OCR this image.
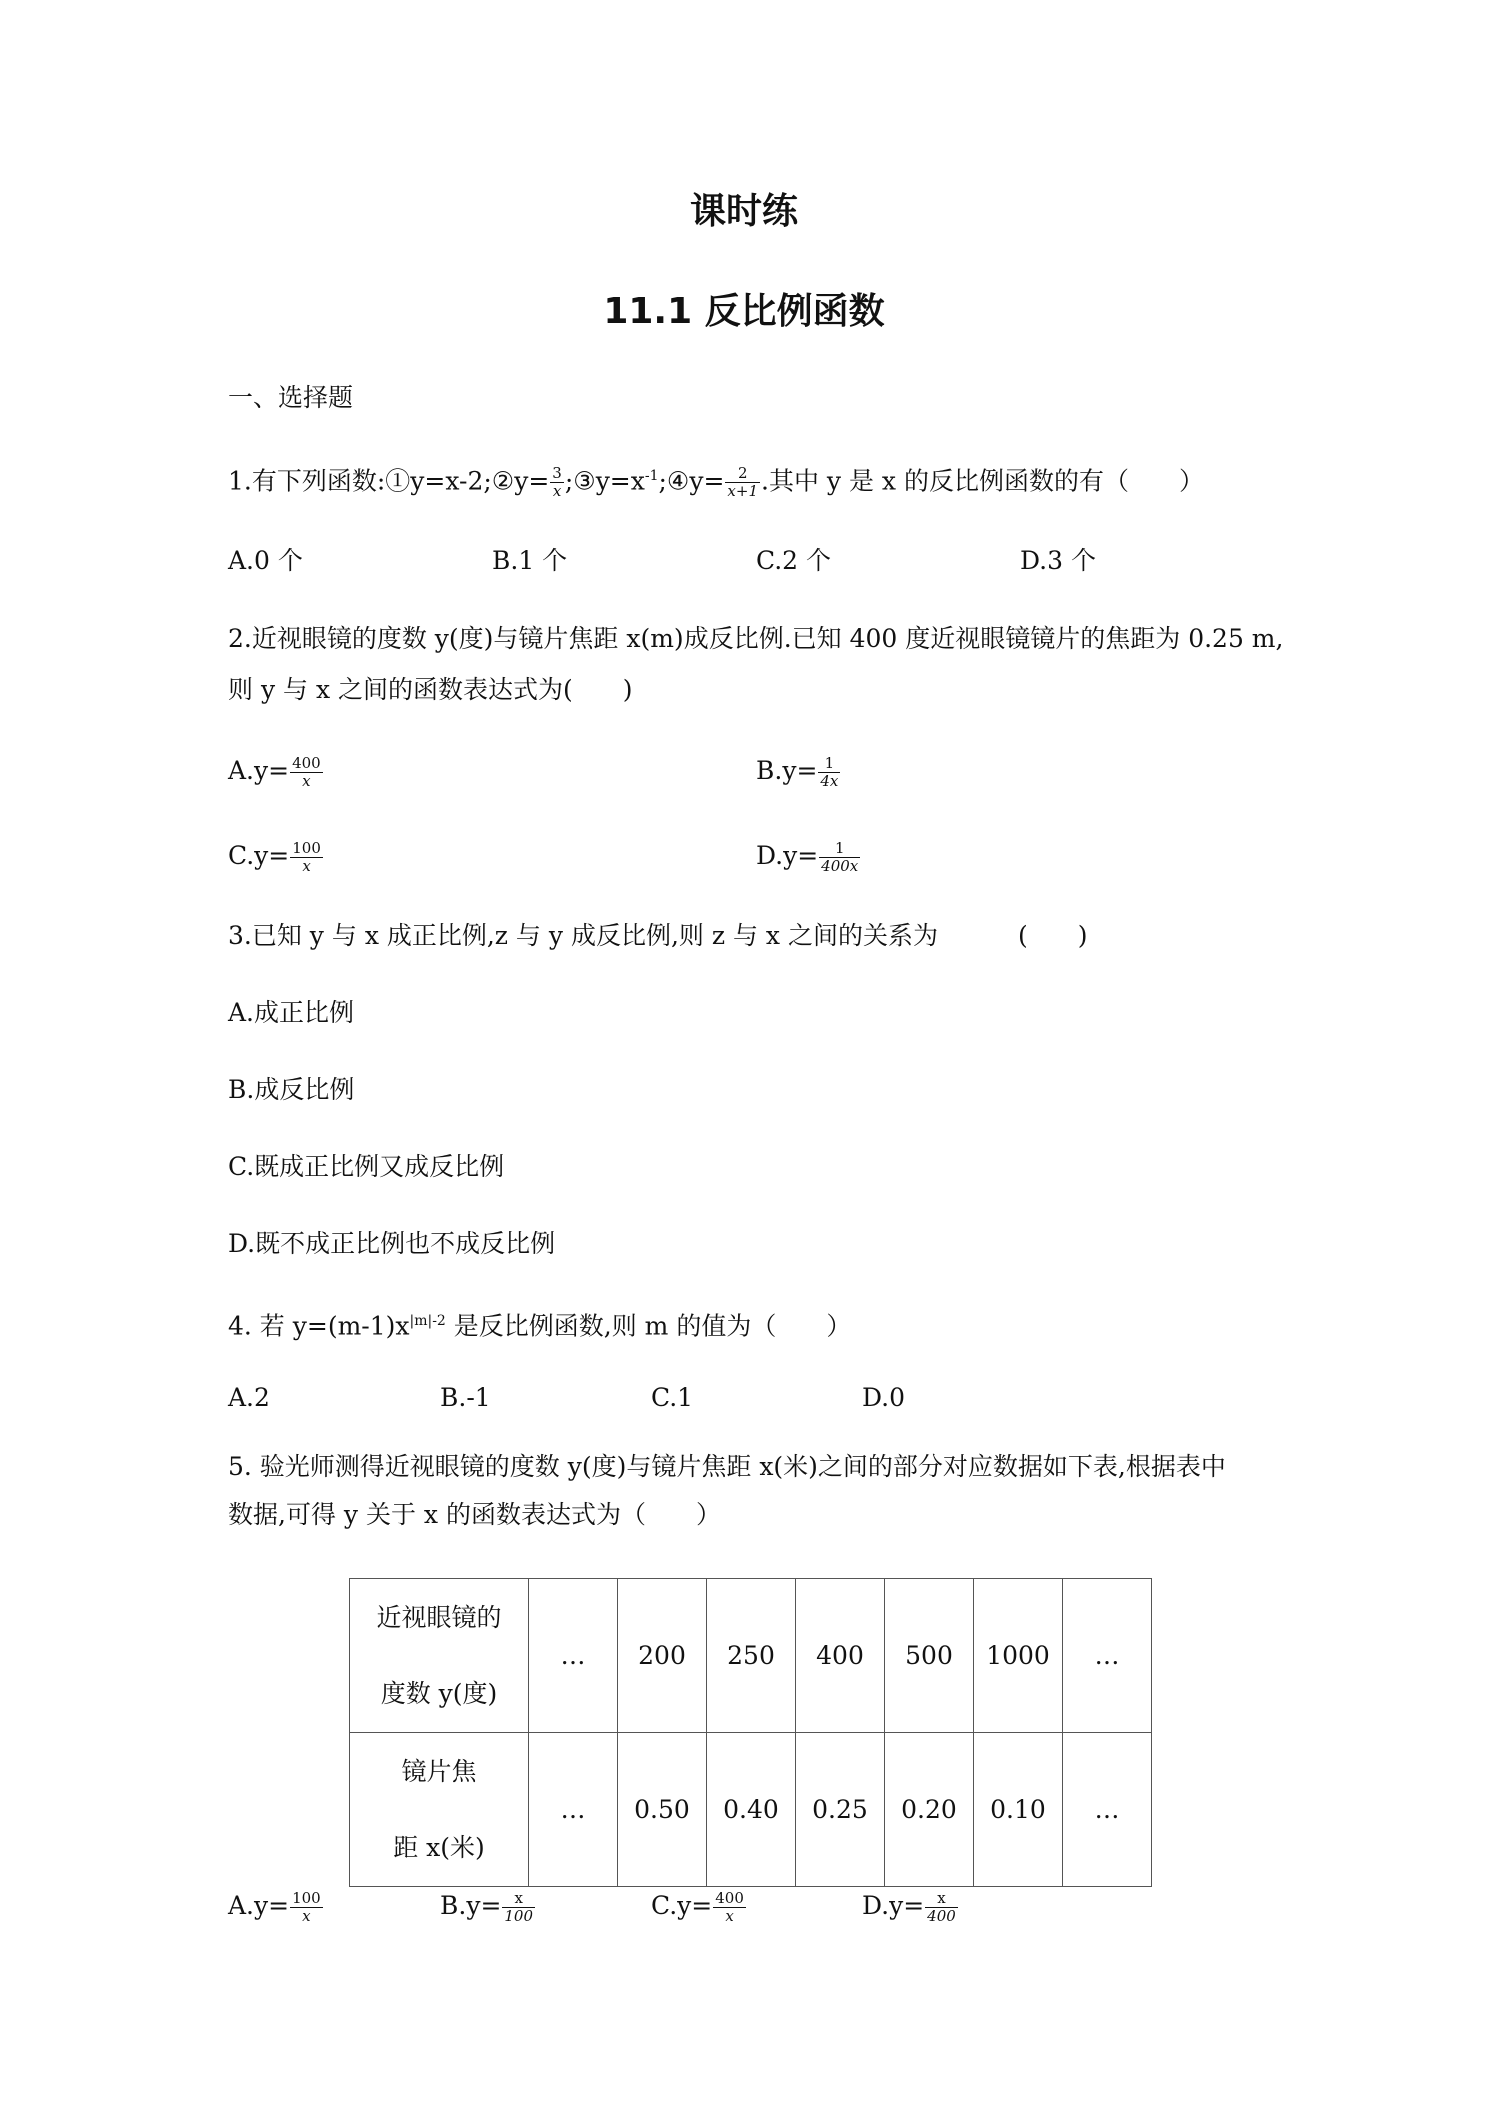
课时练
11.1 反比例函数
一、选择题
1.有下列函数:①y=x-2;②y= $\frac{3}{x}$ $;③y=x^{-1};④y= \frac{2}{x+1}$ .其中 y 是 x 的反比例函数的有（　　）
A.0 个	B.1 个	C.2 个	D.3 个
2.近视眼镜的度数 y(度)与镜片焦距 x(m)成反比例.已知 400 度近视眼镜镜片的焦距为 0.25 m,
则 y 与 x 之间的函数表达式为(　　)
$A.y= \frac{400}{x}$	$B.y= \frac{1}{4x}$
$C.y= \frac{100}{x}$	$D.y= \frac{1}{400x}$
3.已知 y 与 x 成正比例,z 与 y 成反比例,则 z 与 x 之间的关系为	(　　)
A.成正比例
B.成反比例
C.既成正比例又成反比例
D.既不成正比例也不成反比例
4. 若 $y=(m-1)x^{|m|-2}$ 是反比例函数,则 m 的值为（　　）
A.2	B.-1	C.1	D.0
5. 验光师测得近视眼镜的度数 y(度)与镜片焦距 x(米)之间的部分对应数据如下表,根据表中
数据,可得 y 关于 x 的函数表达式为（　　）
近视眼镜的
度数 y(度)	…	200	250	400	500	1000	…
镜片焦
距 x(米)	…	0.50	0.40	0.25	0.20	0.10	…
$A.y= \frac{100}{x}$	$B.y= \frac{x}{100}$	$C.y= \frac{400}{x}$	$D.y= \frac{x}{400}$
